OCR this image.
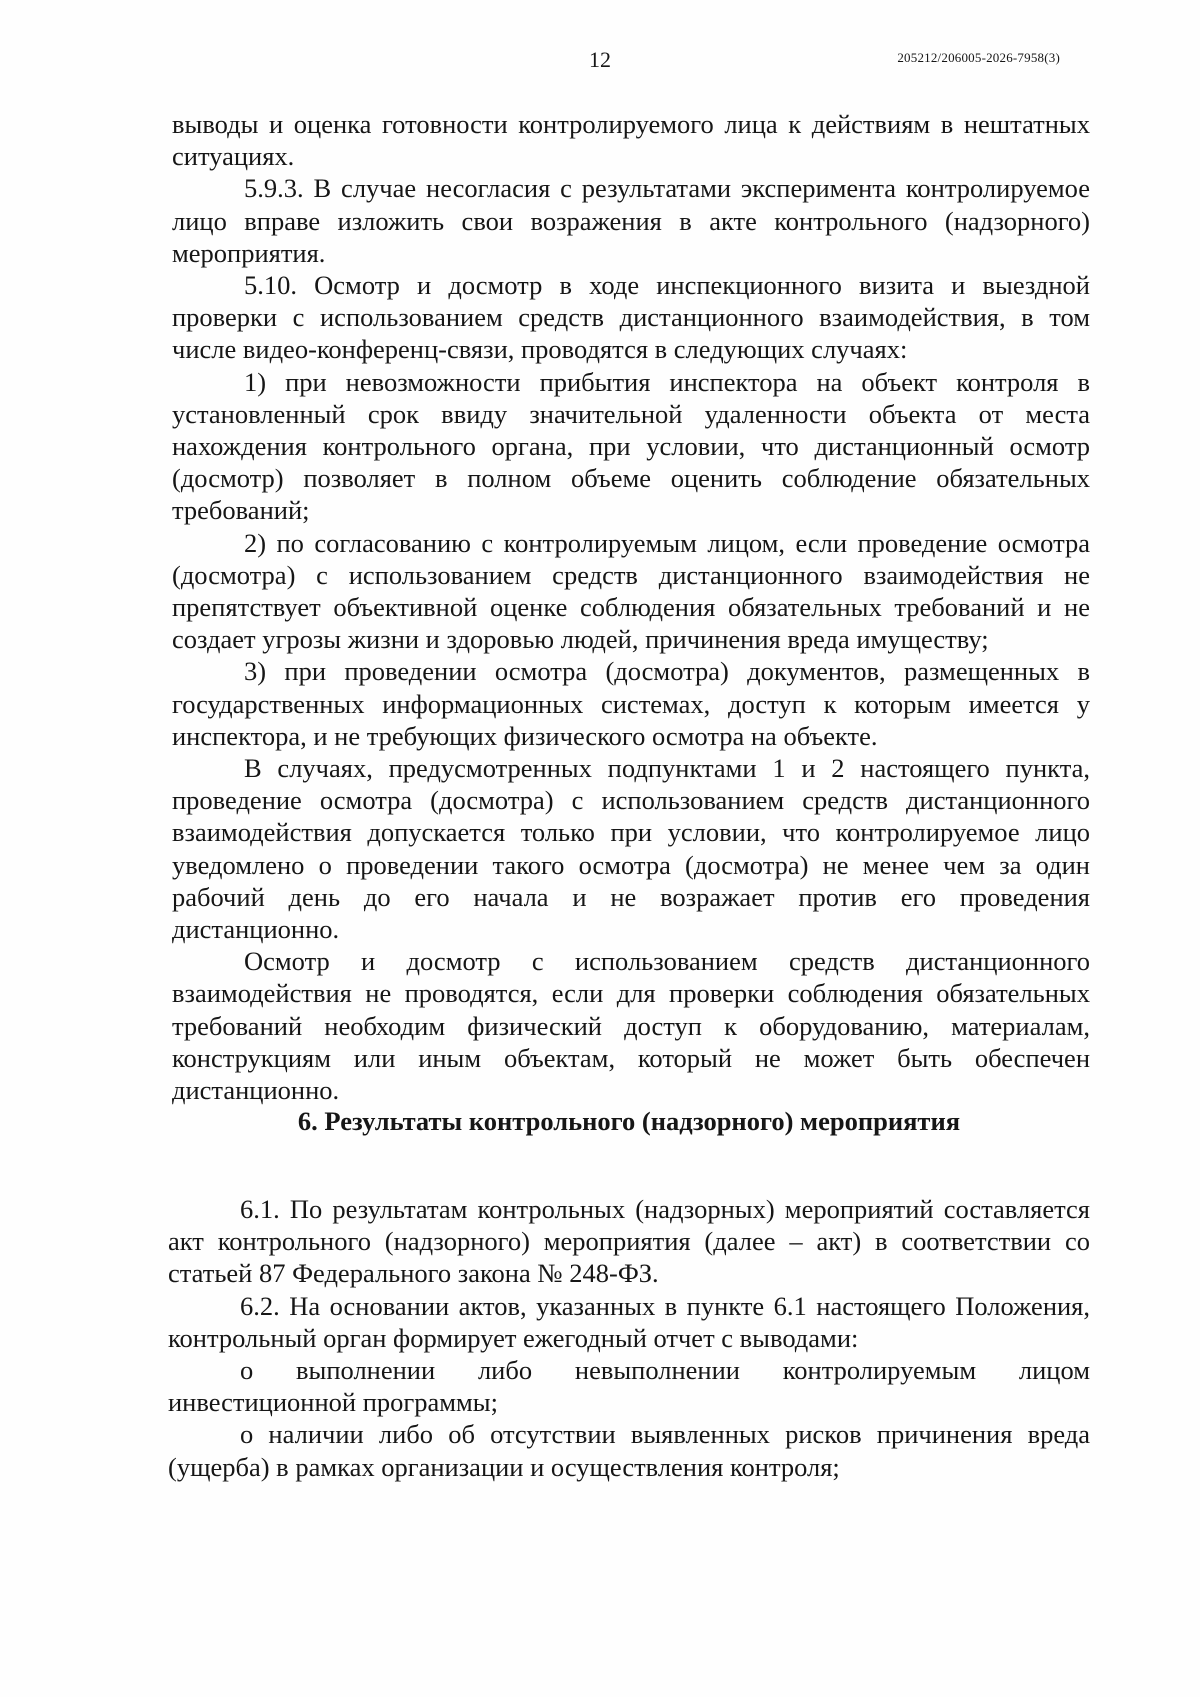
12	205212/206005-2026-7958(3)

выводы и оценка готовности контролируемого лица к действиям в нештатных ситуациях.

5.9.3. В случае несогласия с результатами эксперимента контролируемое лицо вправе изложить свои возражения в акте контрольного (надзорного) мероприятия.

5.10. Осмотр и досмотр в ходе инспекционного визита и выездной проверки с использованием средств дистанционного взаимодействия, в том числе видео-конференц-связи, проводятся в следующих случаях:

1) при невозможности прибытия инспектора на объект контроля в установленный срок ввиду значительной удаленности объекта от места нахождения контрольного органа, при условии, что дистанционный осмотр (досмотр) позволяет в полном объеме оценить соблюдение обязательных требований;

2) по согласованию с контролируемым лицом, если проведение осмотра (досмотра) с использованием средств дистанционного взаимодействия не препятствует объективной оценке соблюдения обязательных требований и не создает угрозы жизни и здоровью людей, причинения вреда имуществу;

3) при проведении осмотра (досмотра) документов, размещенных в государственных информационных системах, доступ к которым имеется у инспектора, и не требующих физического осмотра на объекте.

В случаях, предусмотренных подпунктами 1 и 2 настоящего пункта, проведение осмотра (досмотра) с использованием средств дистанционного взаимодействия допускается только при условии, что контролируемое лицо уведомлено о проведении такого осмотра (досмотра) не менее чем за один рабочий день до его начала и не возражает против его проведения дистанционно.

Осмотр и досмотр с использованием средств дистанционного взаимодействия не проводятся, если для проверки соблюдения обязательных требований необходим физический доступ к оборудованию, материалам, конструкциям или иным объектам, который не может быть обеспечен дистанционно.

6. Результаты контрольного (надзорного) мероприятия

6.1. По результатам контрольных (надзорных) мероприятий составляется акт контрольного (надзорного) мероприятия (далее – акт) в соответствии со статьей 87 Федерального закона № 248-ФЗ.

6.2. На основании актов, указанных в пункте 6.1 настоящего Положения, контрольный орган формирует ежегодный отчет с выводами:

о выполнении либо невыполнении контролируемым лицом инвестиционной программы;

о наличии либо об отсутствии выявленных рисков причинения вреда (ущерба) в рамках организации и осуществления контроля;
